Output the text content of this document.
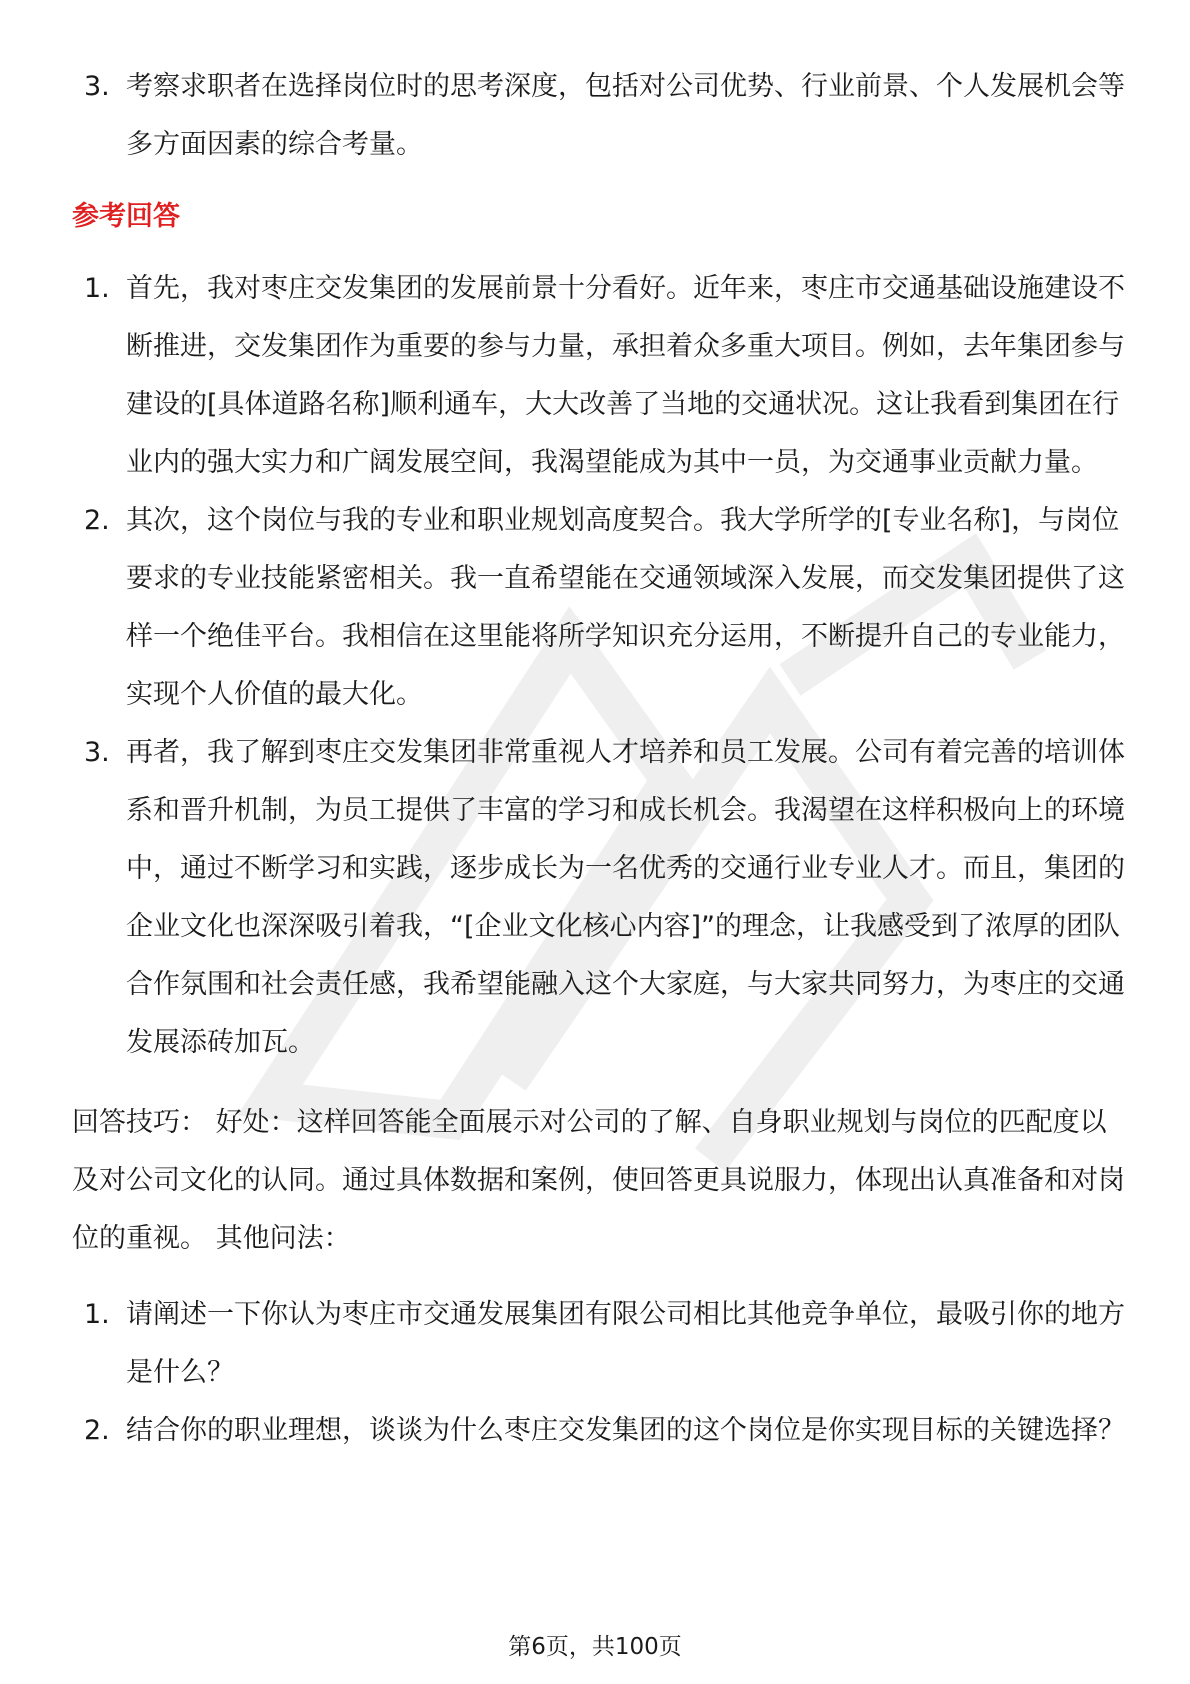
3. 考察求职者在选择岗位时的思考深度，包括对公司优势、行业前景、个人发展机会等多方面因素的综合考量。
参考回答
1. 首先，我对枣庄交发集团的发展前景十分看好。近年来，枣庄市交通基础设施建设不断推进，交发集团作为重要的参与力量，承担着众多重大项目。例如，去年集团参与建设的[具体道路名称]顺利通车，大大改善了当地的交通状况。这让我看到集团在行业内的强大实力和广阔发展空间，我渴望能成为其中一员，为交通事业贡献力量。
2. 其次，这个岗位与我的专业和职业规划高度契合。我大学所学的[专业名称]，与岗位要求的专业技能紧密相关。我一直希望能在交通领域深入发展，而交发集团提供了这样一个绝佳平台。我相信在这里能将所学知识充分运用，不断提升自己的专业能力，实现个人价值的最大化。
3. 再者，我了解到枣庄交发集团非常重视人才培养和员工发展。公司有着完善的培训体系和晋升机制，为员工提供了丰富的学习和成长机会。我渴望在这样积极向上的环境中，通过不断学习和实践，逐步成长为一名优秀的交通行业专业人才。而且，集团的企业文化也深深吸引着我，“[企业文化核心内容]”的理念，让我感受到了浓厚的团队合作氛围和社会责任感，我希望能融入这个大家庭，与大家共同努力，为枣庄的交通发展添砖加瓦。
回答技巧： 好处：这样回答能全面展示对公司的了解、自身职业规划与岗位的匹配度以及对公司文化的认同。通过具体数据和案例，使回答更具说服力，体现出认真准备和对岗位的重视。 其他问法：
1. 请阐述一下你认为枣庄市交通发展集团有限公司相比其他竞争单位，最吸引你的地方是什么？
2. 结合你的职业理想，谈谈为什么枣庄交发集团的这个岗位是你实现目标的关键选择？
第6页，共100页
